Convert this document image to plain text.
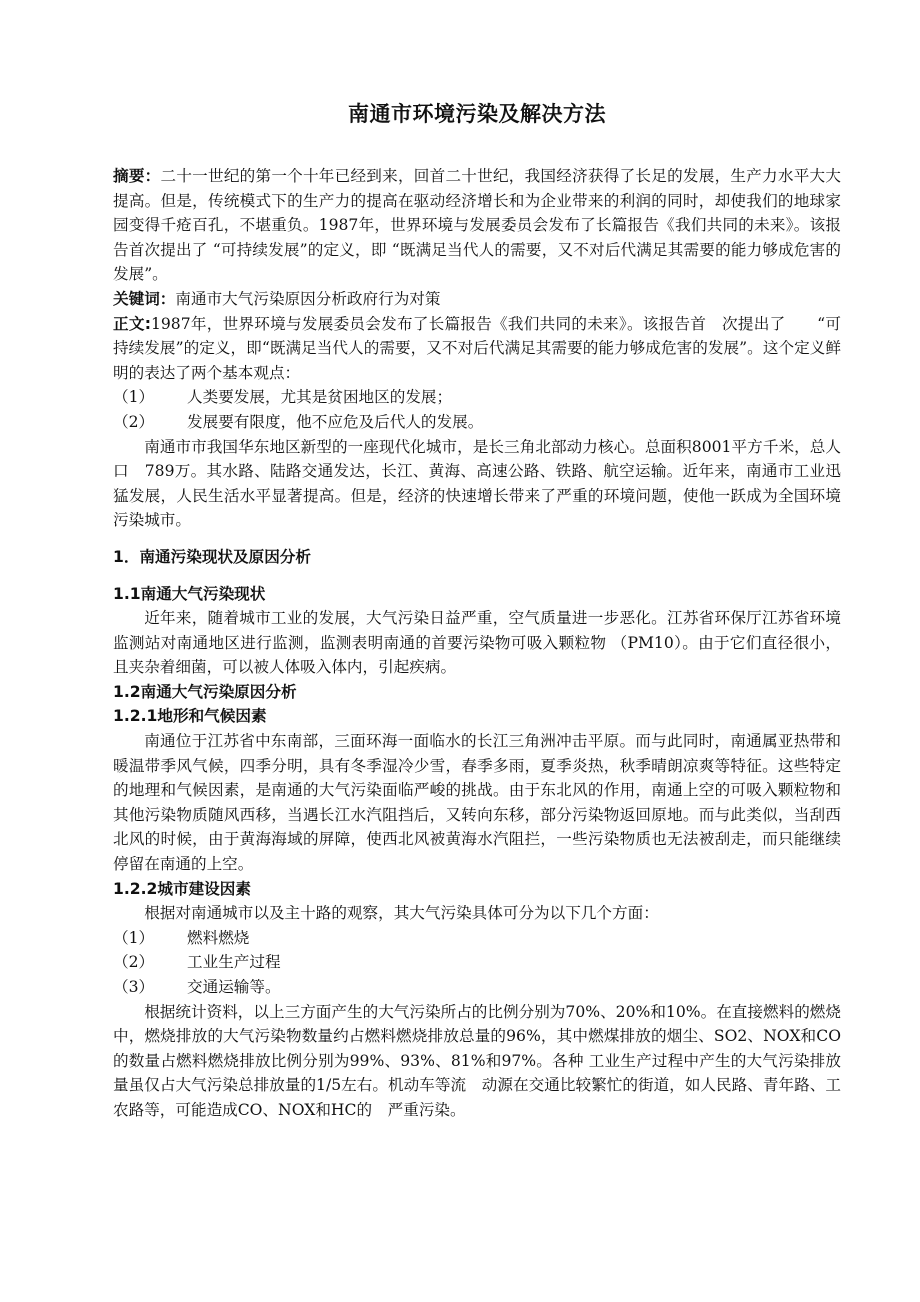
南通市环境污染及解决方法

摘要：二十一世纪的第一个十年已经到来，回首二十世纪，我国经济获得了长足的发展，生产力水平大大提高。但是，传统模式下的生产力的提高在驱动经济增长和为企业带来的利润的同时，却使我们的地球家园变得千疮百孔，不堪重负。1987年，世界环境与发展委员会发布了长篇报告《我们共同的未来》。该报告首次提出了 “可持续发展”的定义，即 “既满足当代人的需要，又不对后代满足其需要的能力够成危害的发展”。

关键词：南通市大气污染原因分析政府行为对策

正文:1987年，世界环境与发展委员会发布了长篇报告《我们共同的未来》。该报告首　次提出了　　“可持续发展”的定义，即“既满足当代人的需要，又不对后代满足其需要的能力够成危害的发展”。这个定义鲜明的表达了两个基本观点：

（1）	人类要发展，尤其是贫困地区的发展；
（2）	发展要有限度，他不应危及后代人的发展。

南通市市我国华东地区新型的一座现代化城市，是长三角北部动力核心。总面积8001平方千米，总人口　789万。其水路、陆路交通发达，长江、黄海、高速公路、铁路、航空运输。近年来，南通市工业迅猛发展，人民生活水平显著提高。但是，经济的快速增长带来了严重的环境问题，使他一跃成为全国环境污染城市。

1．南通污染现状及原因分析

1.1南通大气污染现状

近年来，随着城市工业的发展，大气污染日益严重，空气质量进一步恶化。江苏省环保厅江苏省环境监测站对南通地区进行监测，监测表明南通的首要污染物可吸入颗粒物 （PM10）。由于它们直径很小，且夹杂着细菌，可以被人体吸入体内，引起疾病。

1.2南通大气污染原因分析

1.2.1地形和气候因素

南通位于江苏省中东南部，三面环海一面临水的长江三角洲冲击平原。而与此同时，南通属亚热带和暖温带季风气候，四季分明，具有冬季湿冷少雪，春季多雨，夏季炎热，秋季晴朗凉爽等特征。这些特定的地理和气候因素，是南通的大气污染面临严峻的挑战。由于东北风的作用，南通上空的可吸入颗粒物和其他污染物质随风西移，当遇长江水汽阻挡后，又转向东移，部分污染物返回原地。而与此类似，当刮西北风的时候，由于黄海海域的屏障，使西北风被黄海水汽阻拦，一些污染物质也无法被刮走，而只能继续停留在南通的上空。

1.2.2城市建设因素

根据对南通城市以及主十路的观察，其大气污染具体可分为以下几个方面：

（1）	燃料燃烧
（2）	工业生产过程
（3）	交通运输等。

根据统计资料，以上三方面产生的大气污染所占的比例分别为70%、20%和10%。在直接燃料的燃烧中，燃烧排放的大气污染物数量约占燃料燃烧排放总量的96%，其中燃煤排放的烟尘、SO2、NOX和CO的数量占燃料燃烧排放比例分别为99%、93%、81%和97%。各种 工业生产过程中产生的大气污染排放量虽仅占大气污染总排放量的1/5左右。机动车等流　动源在交通比较繁忙的街道，如人民路、青年路、工农路等，可能造成CO、NOX和HC的　严重污染。
